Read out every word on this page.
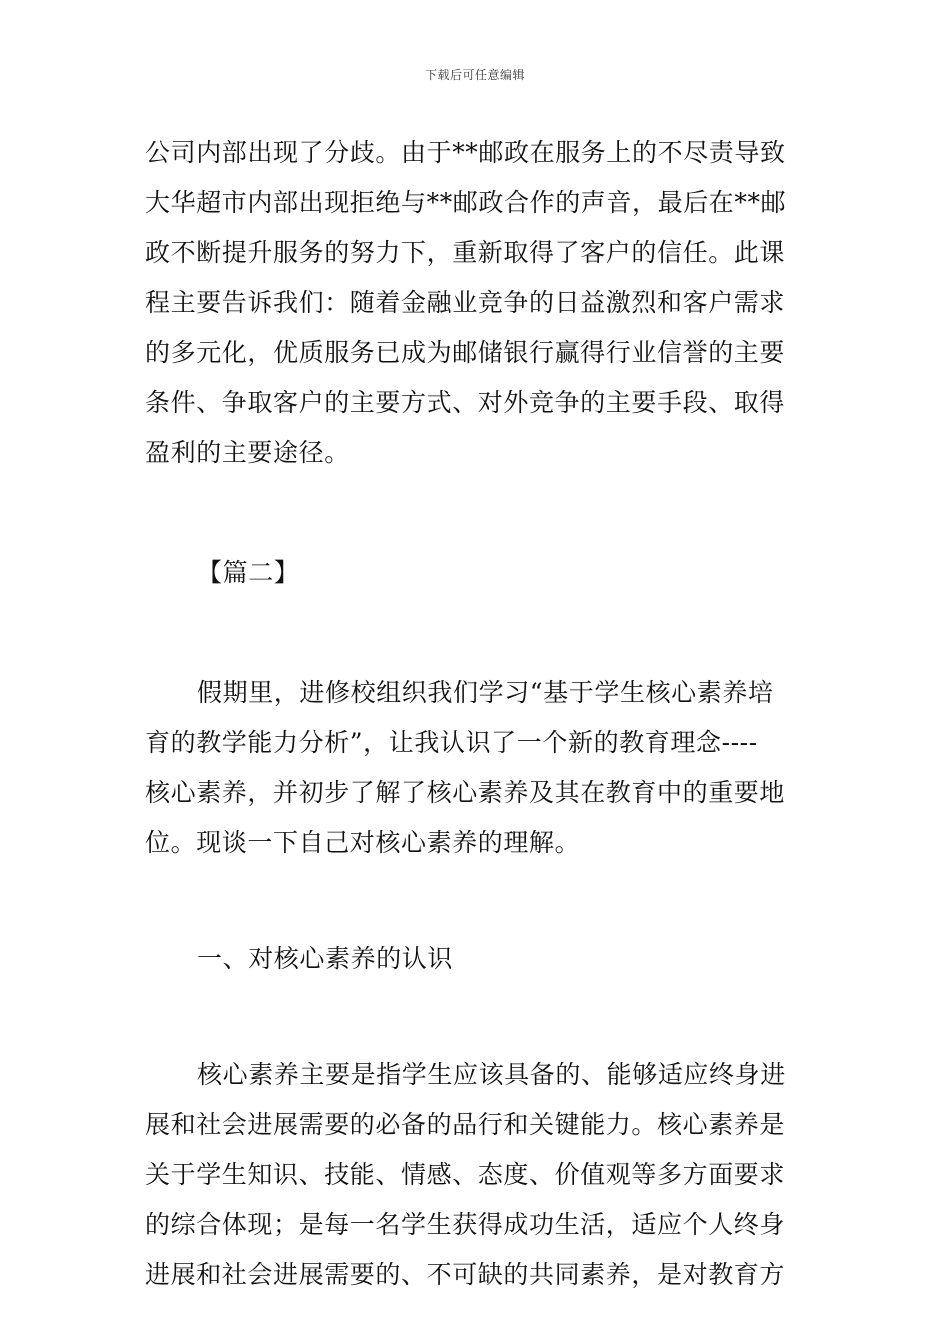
下载后可任意编辑
公司内部出现了分歧。由于**邮政在服务上的不尽责导致
大华超市内部出现拒绝与**邮政合作的声音，最后在**邮
政不断提升服务的努力下，重新取得了客户的信任。此课
程主要告诉我们：随着金融业竞争的日益激烈和客户需求
的多元化，优质服务已成为邮储银行赢得行业信誉的主要
条件、争取客户的主要方式、对外竞争的主要手段、取得
盈利的主要途径。
【篇二】
假期里，进修校组织我们学习“基于学生核心素养培
育的教学能力分析”，让我认识了一个新的教育理念----
核心素养，并初步了解了核心素养及其在教育中的重要地
位。现谈一下自己对核心素养的理解。
一、对核心素养的认识
核心素养主要是指学生应该具备的、能够适应终身进
展和社会进展需要的必备的品行和关键能力。核心素养是
关于学生知识、技能、情感、态度、价值观等多方面要求
的综合体现；是每一名学生获得成功生活，适应个人终身
进展和社会进展需要的、不可缺的共同素养，是对教育方
